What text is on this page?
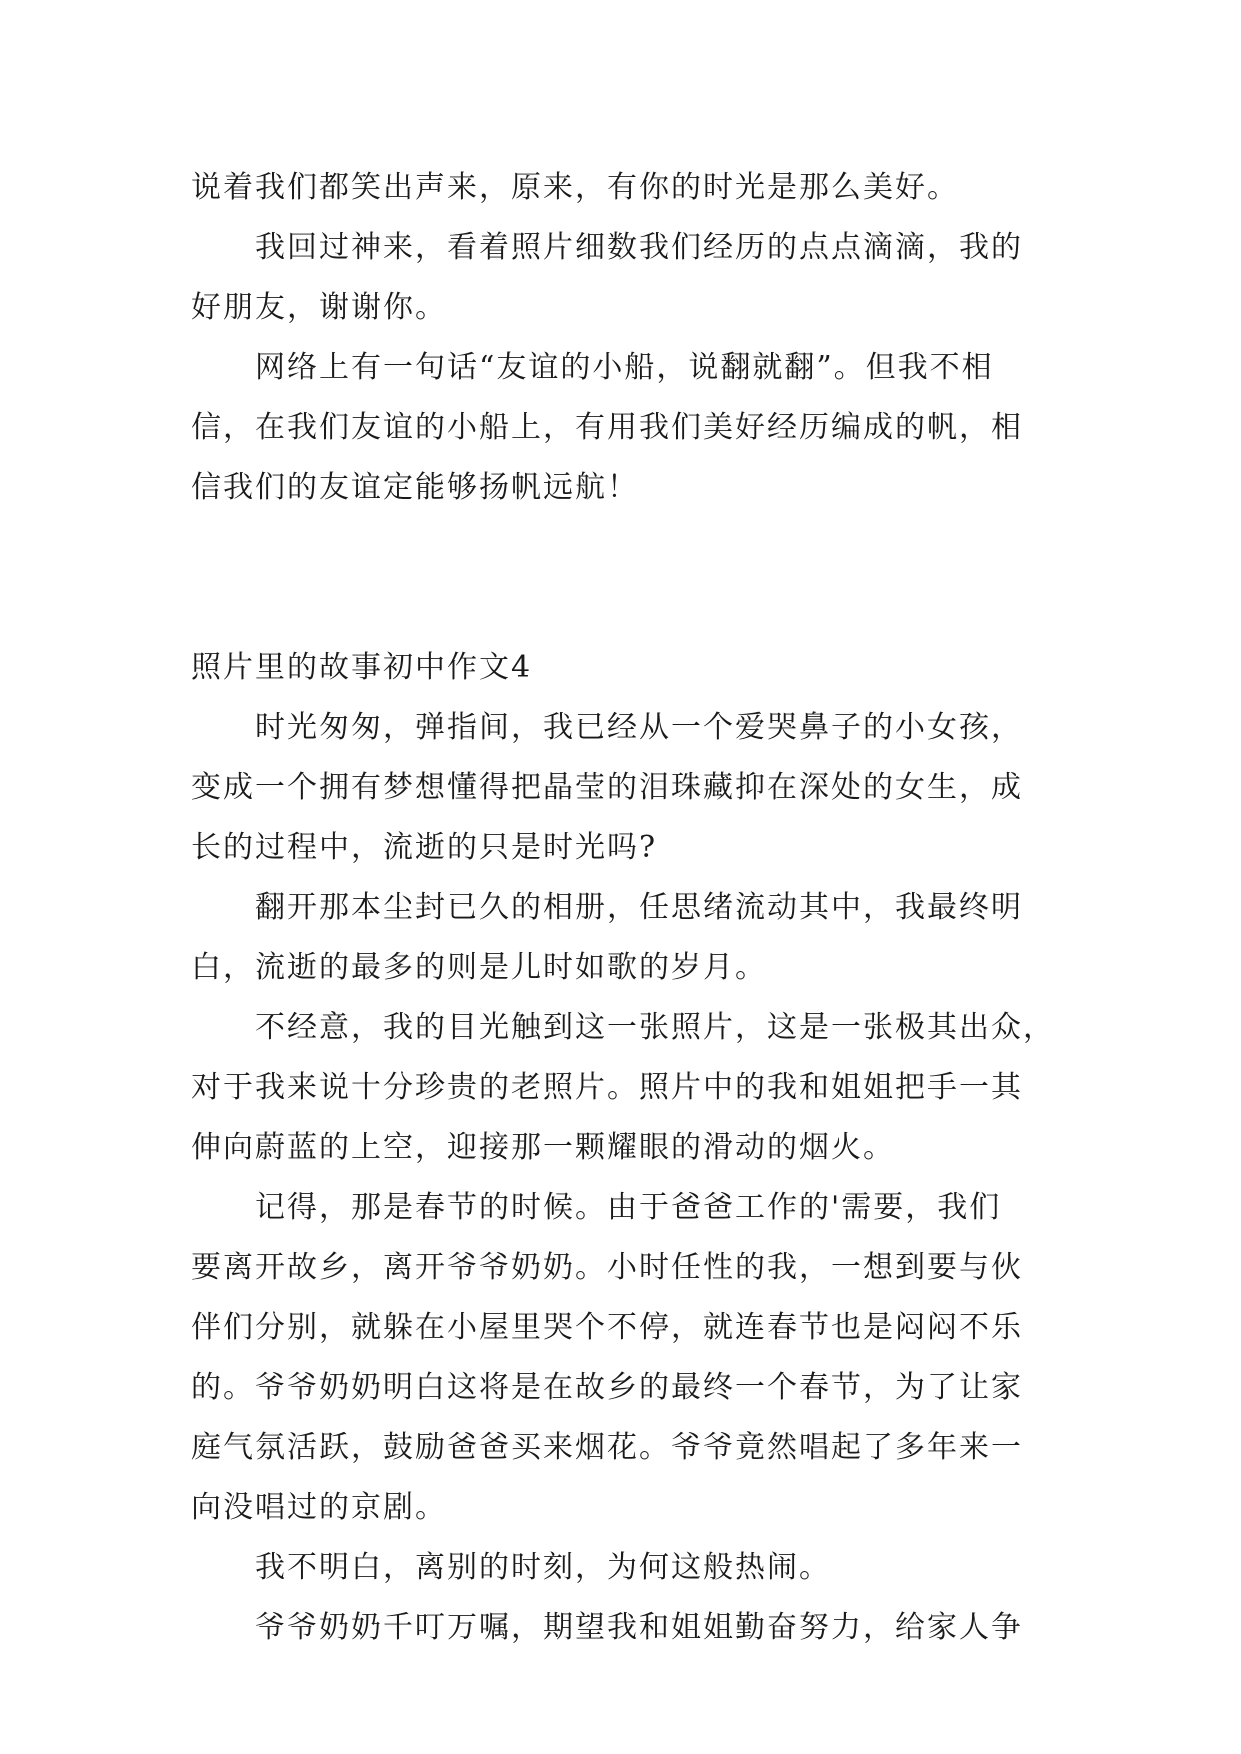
说着我们都笑出声来，原来，有你的时光是那么美好。

我回过神来，看着照片细数我们经历的点点滴滴，我的
好朋友，谢谢你。

网络上有一句话“友谊的小船，说翻就翻”。但我不相
信，在我们友谊的小船上，有用我们美好经历编成的帆，相
信我们的友谊定能够扬帆远航！

照片里的故事初中作文4

时光匆匆，弹指间，我已经从一个爱哭鼻子的小女孩，
变成一个拥有梦想懂得把晶莹的泪珠藏抑在深处的女生，成
长的过程中，流逝的只是时光吗?

翻开那本尘封已久的相册，任思绪流动其中，我最终明
白，流逝的最多的则是儿时如歌的岁月。

不经意，我的目光触到这一张照片，这是一张极其出众，
对于我来说十分珍贵的老照片。照片中的我和姐姐把手一其
伸向蔚蓝的上空，迎接那一颗耀眼的滑动的烟火。

记得，那是春节的时候。由于爸爸工作的'需要，我们
要离开故乡，离开爷爷奶奶。小时任性的我，一想到要与伙
伴们分别，就躲在小屋里哭个不停，就连春节也是闷闷不乐
的。爷爷奶奶明白这将是在故乡的最终一个春节，为了让家
庭气氛活跃，鼓励爸爸买来烟花。爷爷竟然唱起了多年来一
向没唱过的京剧。

我不明白，离别的时刻，为何这般热闹。

爷爷奶奶千叮万嘱，期望我和姐姐勤奋努力，给家人争
